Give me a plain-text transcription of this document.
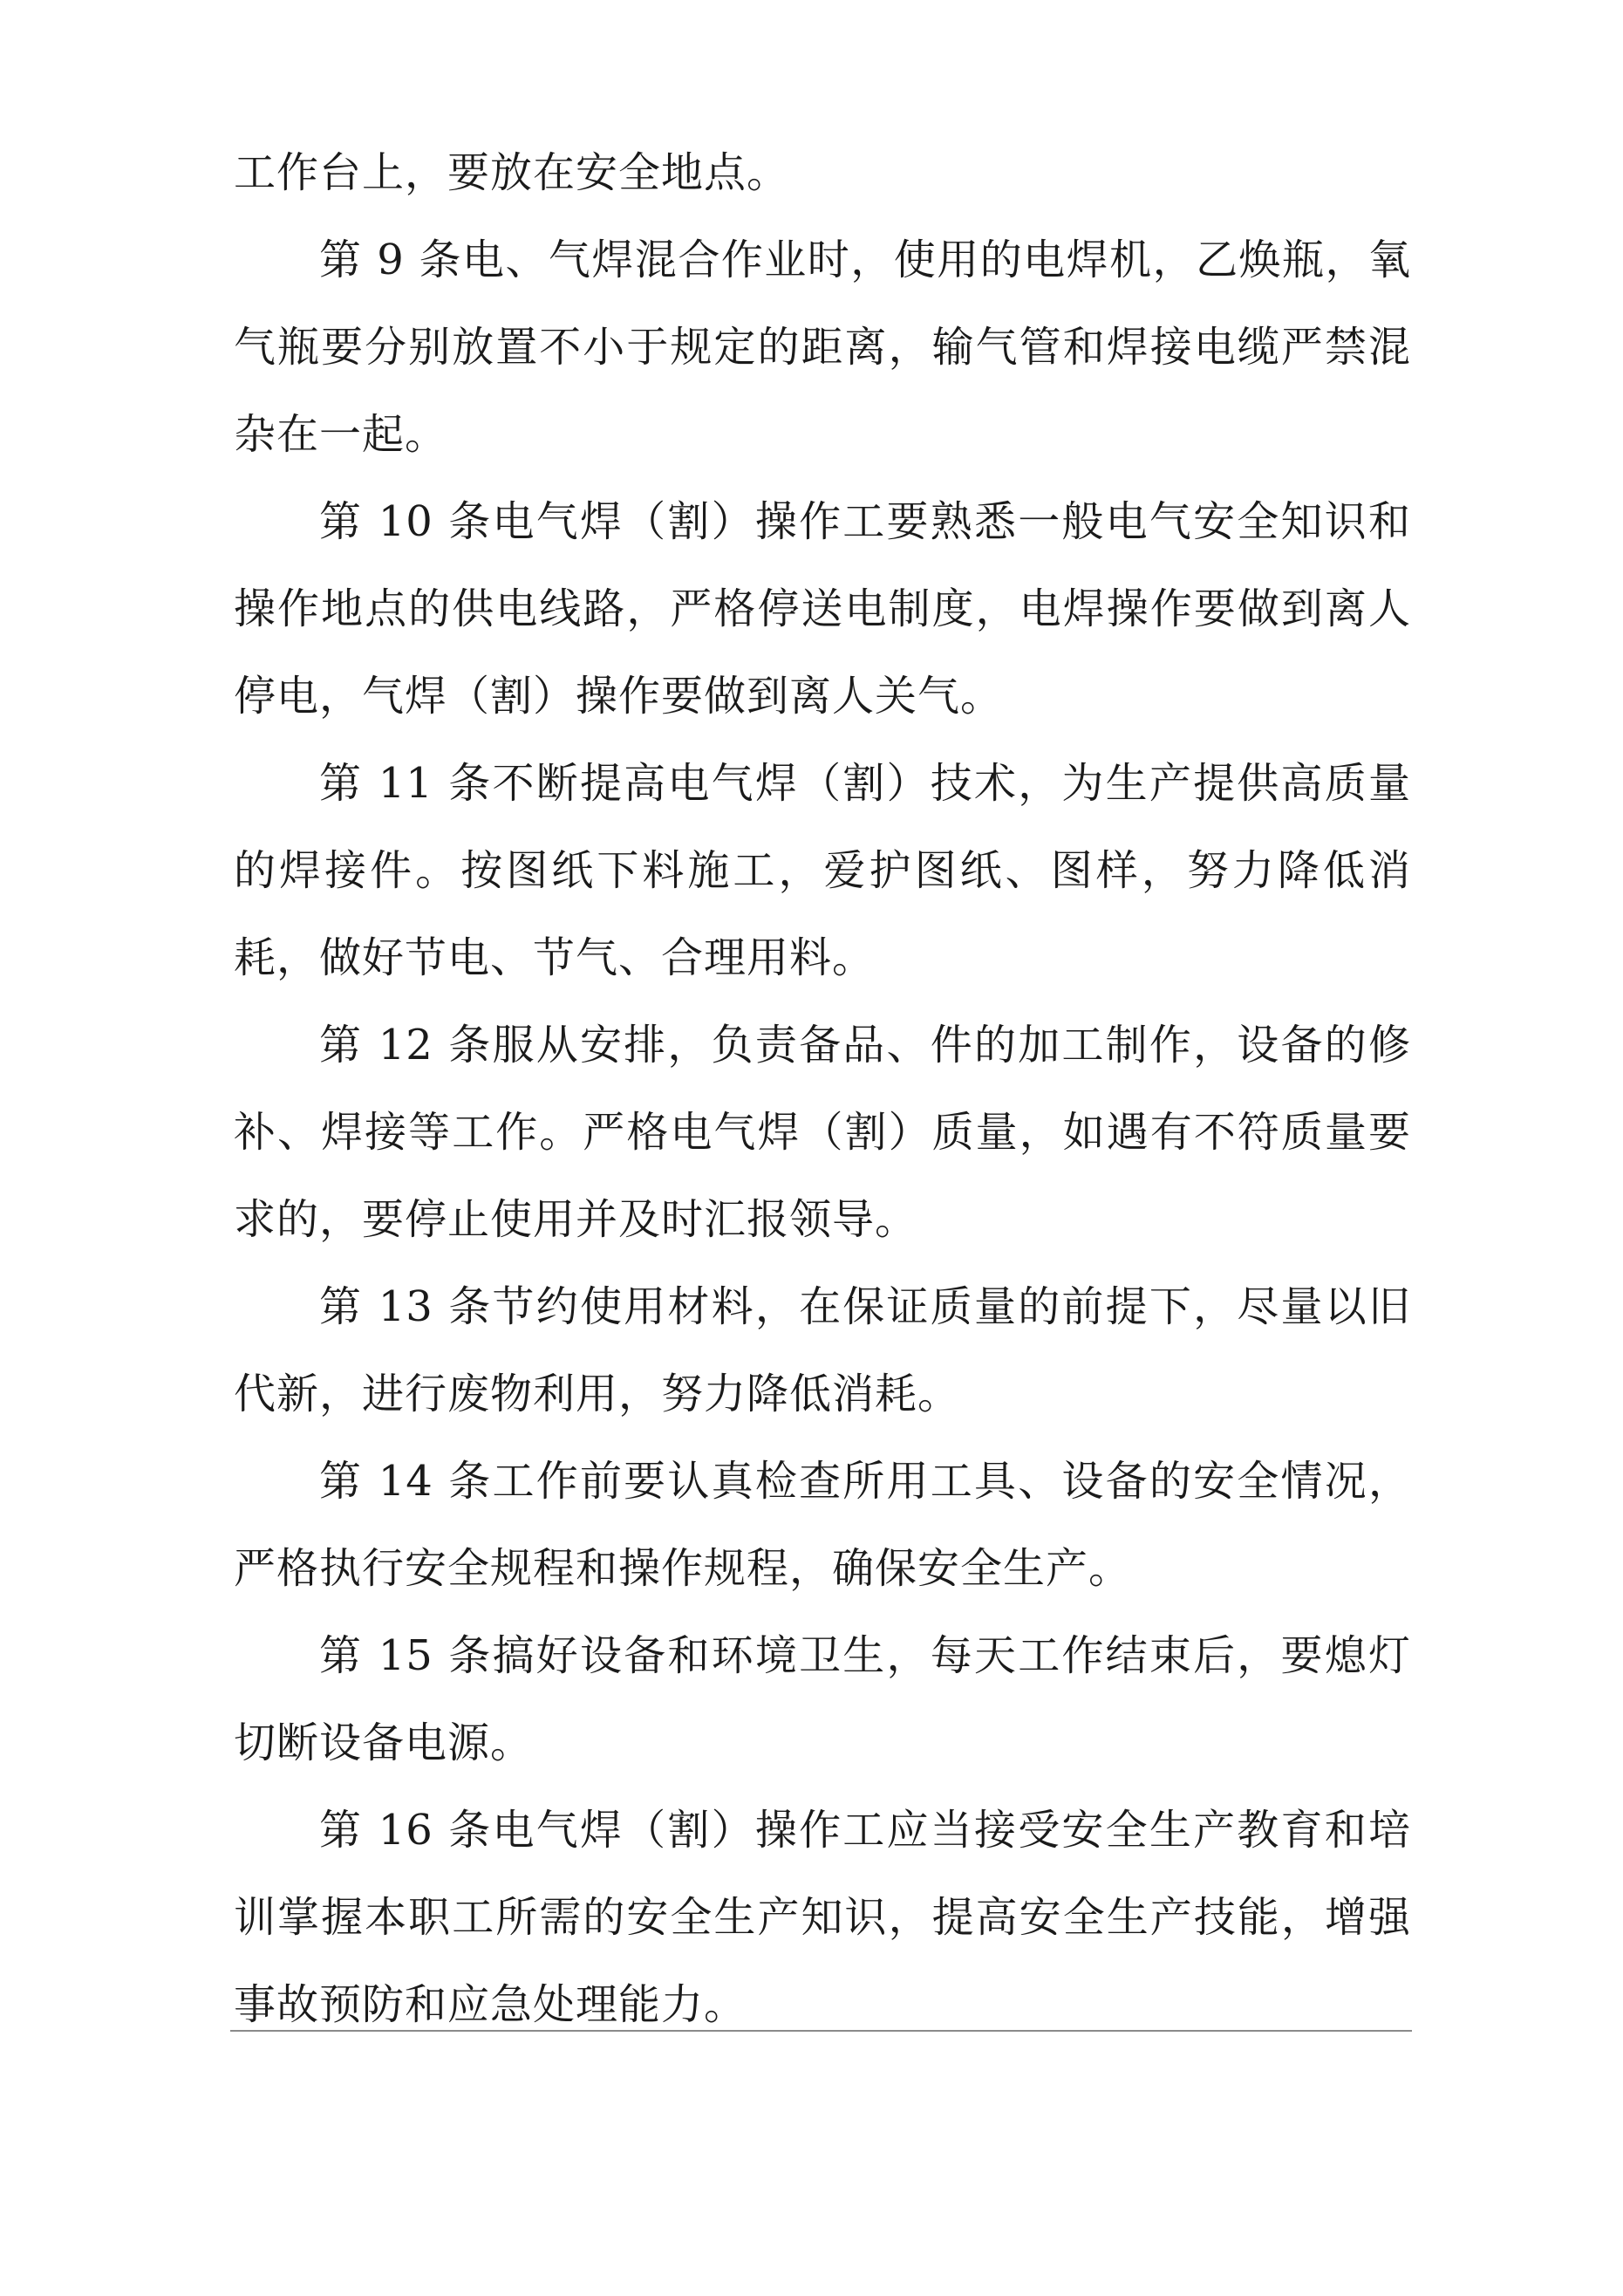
工作台上，要放在安全地点。

第 9 条电、气焊混合作业时，使用的电焊机，乙焕瓶，氧气瓶要分别放置不小于规定的距离，输气管和焊接电缆严禁混杂在一起。

第 10 条电气焊（割）操作工要熟悉一般电气安全知识和操作地点的供电线路，严格停送电制度，电焊操作要做到离人停电，气焊（割）操作要做到离人关气。

第 11 条不断提高电气焊（割）技术，为生产提供高质量的焊接件。按图纸下料施工，爱护图纸、图样，努力降低消耗，做好节电、节气、合理用料。

第 12 条服从安排，负责备品、件的加工制作，设备的修补、焊接等工作。严格电气焊（割）质量，如遇有不符质量要求的，要停止使用并及时汇报领导。

第 13 条节约使用材料，在保证质量的前提下，尽量以旧代新，进行废物利用，努力降低消耗。

第 14 条工作前要认真检查所用工具、设备的安全情况，严格执行安全规程和操作规程，确保安全生产。

第 15 条搞好设备和环境卫生，每天工作结束后，要熄灯切断设备电源。

第 16 条电气焊（割）操作工应当接受安全生产教育和培训掌握本职工所需的安全生产知识，提高安全生产技能，增强事故预防和应急处理能力。
